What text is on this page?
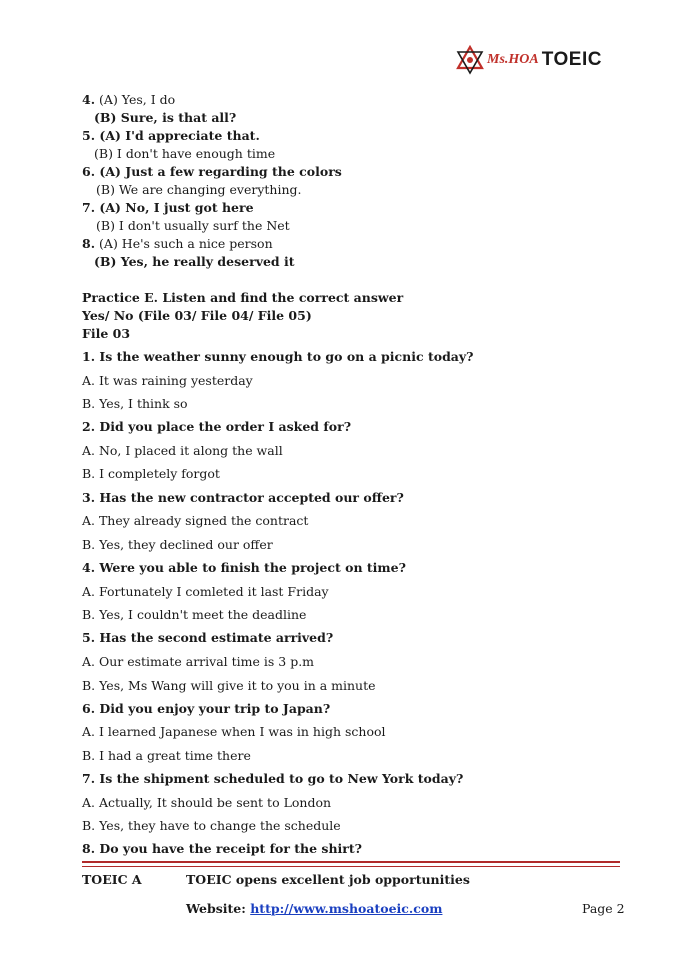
Ms.HOA TOEIC
4. (A) Yes, I do
(B) Sure, is that all?
5. (A) I'd appreciate that.
(B) I don't have enough time
6. (A) Just a few regarding the colors
(B) We are changing everything.
7. (A) No, I just got here
(B) I don't usually surf the Net
8. (A) He's such a nice person
(B) Yes, he really deserved it
Practice E. Listen and find the correct answer
Yes/ No (File 03/ File 04/ File 05)
File 03
1. Is the weather sunny enough to go on a picnic today?
A. It was raining yesterday
B. Yes, I think so
2. Did you place the order I asked for?
A. No, I placed it along the wall
B. I completely forgot
3. Has the new contractor accepted our offer?
A. They already signed the contract
B. Yes, they declined our offer
4. Were you able to finish the project on time?
A. Fortunately I comleted it last Friday
B. Yes, I couldn't meet the deadline
5. Has the second estimate arrived?
A. Our estimate arrival time is 3 p.m
B. Yes, Ms Wang will give it to you in a minute
6. Did you enjoy your trip to Japan?
A. I learned Japanese when I was in high school
B. I had a great time there
7. Is the shipment scheduled to go to New York today?
A. Actually, It should be sent to London
B. Yes, they have to change the schedule
8. Do you have the receipt for the shirt?
TOEIC A	TOEIC opens excellent job opportunities
Website: http://www.mshoatoeic.com	Page 2
